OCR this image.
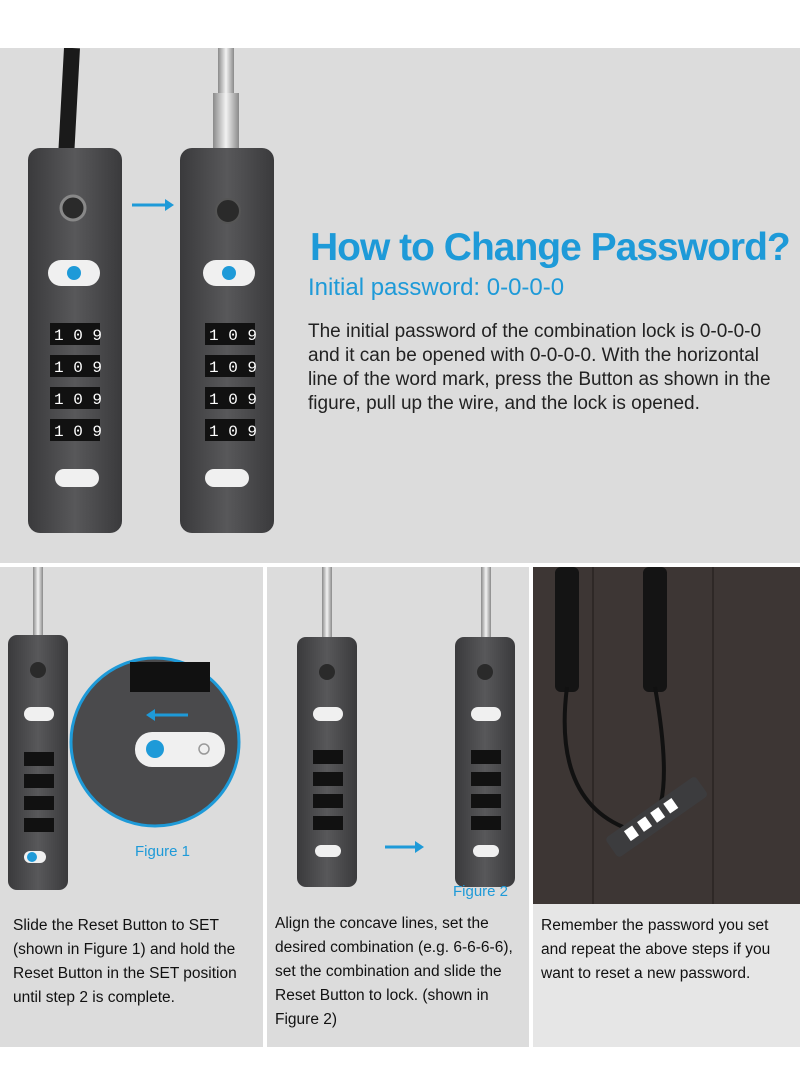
1 0 9
1 0 9
1 0 9
1 0 9
1 0 9
1 0 9
1 0 9
1 0 9
How to Change Password?
Initial password: 0-0-0-0
The initial password of the combination lock is 0-0-0-0 and it can be opened with 0-0-0-0. With the horizontal line of the word mark, press the Button as shown in the figure, pull up the wire, and the lock is opened.
Figure 1
Slide the Reset Button to SET (shown in Figure 1) and hold the Reset Button in the SET position until step 2 is complete.
Figure 2
Align the concave lines, set the desired combination (e.g. 6-6-6-6), set the combination and slide the Reset Button to lock. (shown in Figure 2)
Remember the password you set and repeat the above steps if you want to reset a new password.
